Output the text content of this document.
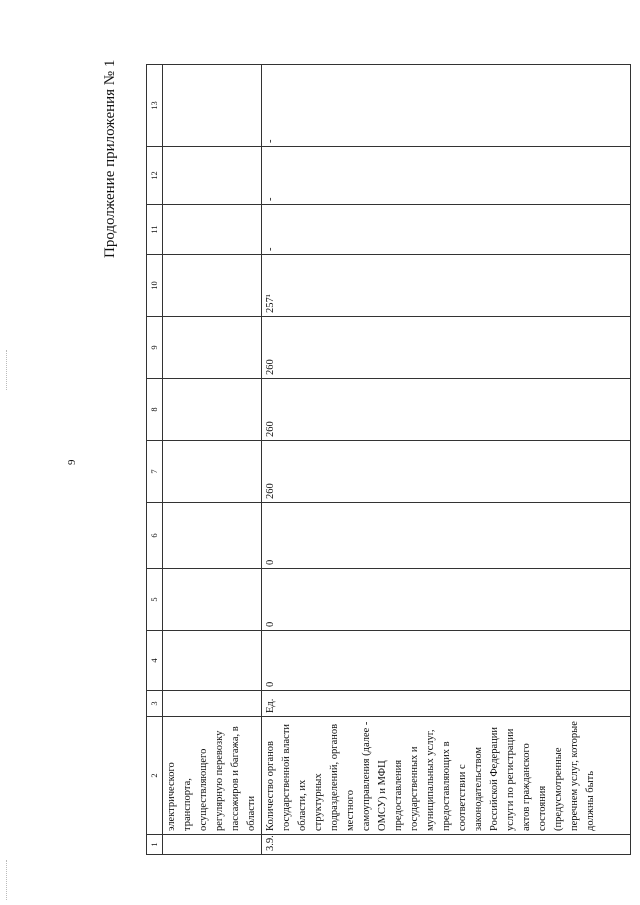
9
Продолжение приложения № 1
1	2	3	4	5	6	7	8	9	10	11	12	13
	электрического транспорта, осуществляющего регулярную перевозку пассажиров и багажа, в области											
3.9.	Количество органов государственной власти области, их структурных подразделений, органов местного самоуправления (далее - ОМСУ) и МФЦ предоставления государственных и муниципальных услуг, предоставляющих в соответствии с законодательством Российской Федерации услуги по регистрации актов гражданского состояния (предусмотренные перечнем услуг, которые должны быть	Ед.	0	0	0	260	260	260	257¹	-	-	-
